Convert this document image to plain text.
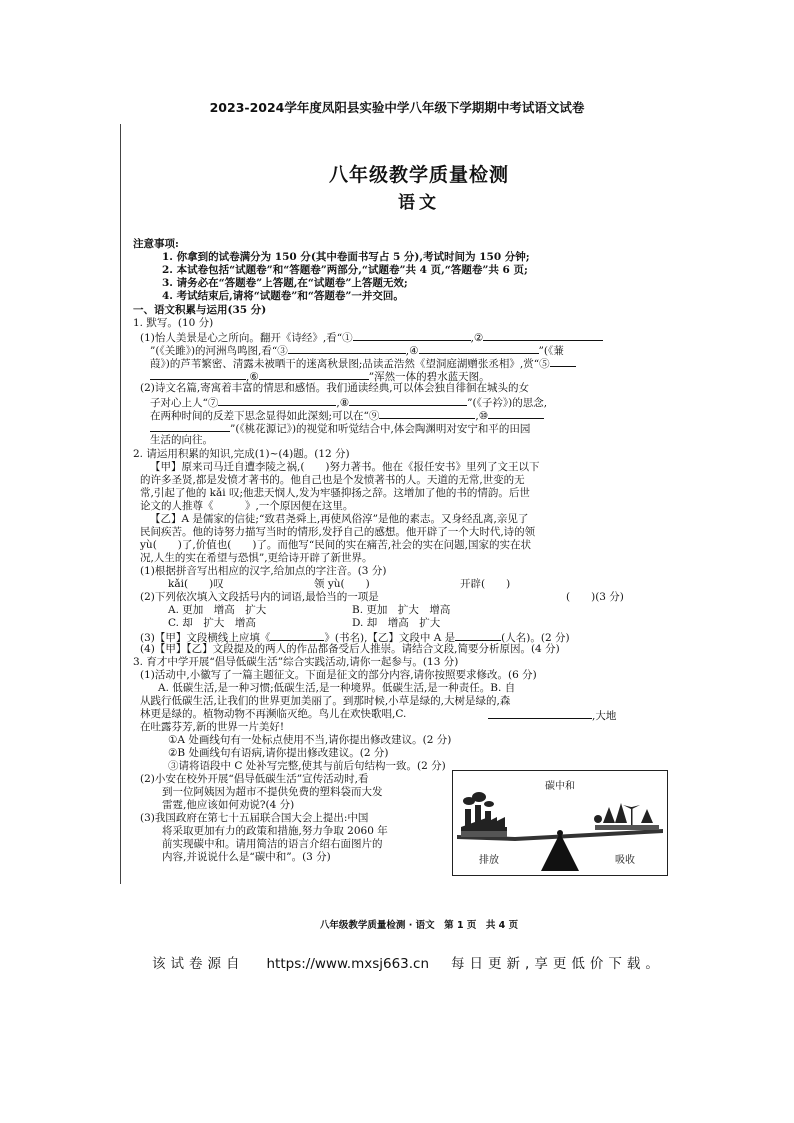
2023-2024学年度凤阳县实验中学八年级下学期期中考试语文试卷
八年级教学质量检测
语文
注意事项:
1. 你拿到的试卷满分为 150 分(其中卷面书写占 5 分),考试时间为 150 分钟;
2. 本试卷包括“试题卷”和“答题卷”两部分,“试题卷”共 4 页,“答题卷”共 6 页;
3. 请务必在“答题卷”上答题,在“试题卷”上答题无效;
4. 考试结束后,请将“试题卷”和“答题卷”一并交回。
一、语文积累与运用(35 分)
1. 默写。(10 分)
(1)怡人美景是心之所向。翻开《诗经》,看“①	,②
”(《关雎》)的河洲鸟鸣图,看“③	,④	”(《蒹
葭》)的芦苇繁密、清露未被晒干的迷离秋景图;品读孟浩然《望洞庭湖赠张丞相》,赏“⑤
,⑥	”浑然一体的碧水蓝天图。
(2)诗文名篇,寄寓着丰富的情思和感悟。我们通读经典,可以体会独自徘徊在城头的女
子对心上人“⑦	,⑧	”(《子衿》)的思念,
在两种时间的反差下思念显得如此深刻;可以在“⑨	,⑩
”(《桃花源记》)的视觉和听觉结合中,体会陶渊明对安宁和平的田园
生活的向往。
2. 请运用积累的知识,完成(1)~(4)题。(12 分)
【甲】原来司马迁自遭李陵之祸,(　　)努力著书。他在《报任安书》里列了文王以下
的许多圣贤,都是发愤才著书的。他自己也是个发愤著书的人。天道的无常,世变的无
常,引起了他的 kǎi 叹;他悲天悯人,发为牢骚抑扬之辞。这增加了他的书的情韵。后世
论文的人推尊《　　　》,一个原因便在这里。
【乙】A 是儒家的信徒;“致君尧舜上,再使风俗淳”是他的素志。又身经乱离,亲见了
民间疾苦。他的诗努力描写当时的情形,发抒自己的感想。他开辟了一个大时代,诗的领
yù(　　)了,价值也(　　)了。而他写“民间的实在痛苦,社会的实在问题,国家的实在状
况,人生的实在希望与恐惧”,更给诗开辟了新世界。
(1)根据拼音写出相应的汉字,给加点的字注音。(3 分)
kǎi(　　)叹	领 yù(　　)	开辟(　　)
(2)下列依次填入文段括号内的词语,最恰当的一项是	(　　)(3 分)
A. 更加　增高　扩大	B. 更加　扩大　增高
C. 却　扩大　增高	D. 却　增高　扩大
(3)【甲】文段横线上应填《	》(书名),【乙】文段中 A 是	(人名)。(2 分)
(4)【甲】【乙】文段提及的两人的作品都备受后人推崇。请结合文段,简要分析原因。(4 分)
3. 育才中学开展“倡导低碳生活”综合实践活动,请你一起参与。(13 分)
(1)活动中,小徽写了一篇主题征文。下面是征文的部分内容,请你按照要求修改。(6 分)
A. 低碳生活,是一种习惯;低碳生活,是一种境界。低碳生活,是一种责任。B. 自
从践行低碳生活,让我们的世界更加美丽了。到那时候,小草是绿的,大树是绿的,森
林更是绿的。植物动物不再濒临灭绝。鸟儿在欢快歌唱,C.	,大地
在吐露芬芳,新的世界一片美好!
①A 处画线句有一处标点使用不当,请你提出修改建议。(2 分)
②B 处画线句有语病,请你提出修改建议。(2 分)
③请将语段中 C 处补写完整,使其与前后句结构一致。(2 分)
(2)小安在校外开展“倡导低碳生活”宣传活动时,看
到一位阿姨因为超市不提供免费的塑料袋而大发
雷霆,他应该如何劝说?(4 分)
(3)我国政府在第七十五届联合国大会上提出:中国
将采取更加有力的政策和措施,努力争取 2060 年
前实现碳中和。请用简洁的语言介绍右面图片的
内容,并说说什么是“碳中和”。(3 分)
碳中和
排放	吸收
八年级教学质量检测 · 语文　第 1 页　共 4 页
该试卷源自 https://www.mxsj663.cn 每日更新,享更低价下载。
